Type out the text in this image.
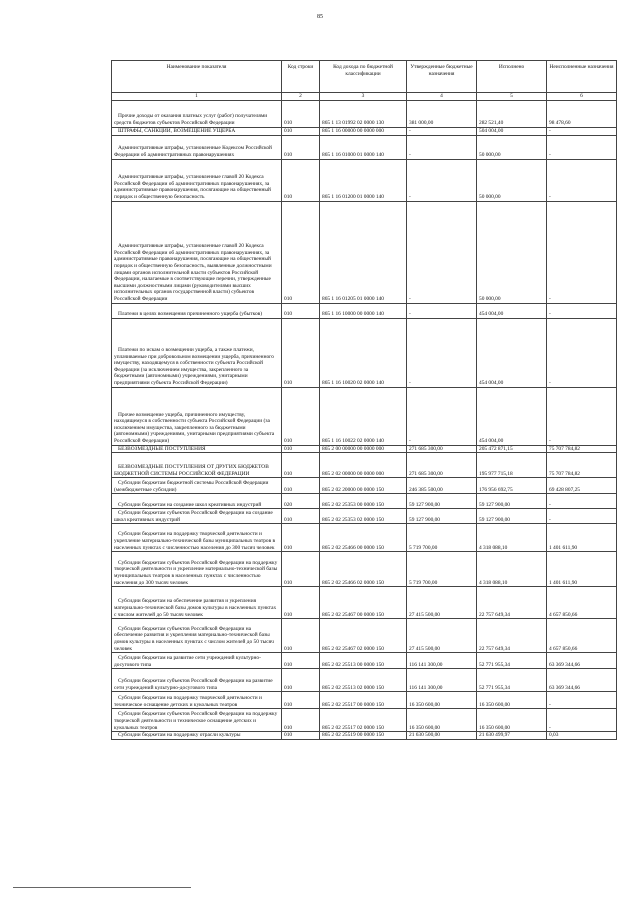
85
Наименование показателя	Код строки	Код дохода по бюджетной классификации	Утвержденные бюджетные назначения	Исполнено	Неисполненные назначения
1	2	3	4	5	6
Прочие доходы от оказания платных услуг (работ) получателями средств бюджетов субъектов Российской Федерации	010	865 1 13 01992 02 0000 130	381 000,00	282 521,40	98 478,60
ШТРАФЫ, САНКЦИИ, ВОЗМЕЩЕНИЕ УЩЕРБА	010	865 1 16 00000 00 0000 000	-	504 004,00	-
Административные штрафы, установленные Кодексом Российской Федерации об административных правонарушениях	010	865 1 16 01000 01 0000 140	-	50 000,00	-
Административные штрафы, установленные главой 20 Кодекса Российской Федерации об административных правонарушениях, за административные правонарушения, посягающие на общественный порядок и общественную безопасность	010	865 1 16 01200 01 0000 140	-	50 000,00	-
Административные штрафы, установленные главой 20 Кодекса Российской Федерации об административных правонарушениях, за административные правонарушения, посягающие на общественный порядок и общественную безопасность, выявленные должностными лицами органов исполнительной власти субъектов Российской Федерации, налагаемые в соответствующие перечни, утвержденные высшими должностными лицами (руководителями высших исполнительных органов государственной власти) субъектов Российской Федерации	010	865 1 16 01205 01 0000 140	-	50 000,00	-
Платежи в целях возмещения причиненного ущерба (убытков)	010	865 1 16 10000 00 0000 140	-	454 004,00	-
Платежи по искам о возмещении ущерба, а также платежи, уплачиваемые при добровольном возмещении ущерба, причиненного имуществу, находящемуся в собственности субъекта Российской Федерации (за исключением имущества, закрепленного за бюджетными (автономными) учреждениями, унитарными предприятиями субъекта Российской Федерации)	010	865 1 16 10020 02 0000 140	-	454 004,00	-
Прочее возмещение ущерба, причиненного имуществу, находящемуся в собственности субъекта Российской Федерации (за исключением имущества, закрепленного за бюджетными (автономными) учреждениями, унитарными предприятиями субъекта Российской Федерации)	010	865 1 16 10022 02 0000 140	-	454 004,00	-
БЕЗВОЗМЕЗДНЫЕ ПОСТУПЛЕНИЯ	010	865 2 00 00000 00 0000 000	271 685 300,00	205 472 871,15	75 707 784,82
БЕЗВОЗМЕЗДНЫЕ ПОСТУПЛЕНИЯ ОТ ДРУГИХ БЮДЖЕТОВ БЮДЖЕТНОЙ СИСТЕМЫ РОССИЙСКОЙ ФЕДЕРАЦИИ	010	865 2 02 00000 00 0000 000	271 685 300,00	195 977 715,18	75 707 784,82
Субсидии бюджетам бюджетной системы Российской Федерации (межбюджетные субсидии)	010	865 2 02 20000 00 0000 150	246 385 500,00	176 956 692,75	69 428 807,25
Субсидии бюджетам на создание школ креативных индустрий	020	865 2 02 25353 00 0000 150	59 127 900,00	59 127 900,00	-
Субсидии бюджетам субъектов Российской Федерации на создание школ креативных индустрий	010	865 2 02 25353 02 0000 150	59 127 900,00	59 127 900,00	-
Субсидии бюджетам на поддержку творческой деятельности и укрепление материально-технической базы муниципальных театров в населенных пунктах с численностью населения до 300 тысяч человек	010	865 2 02 25466 00 0000 150	5 719 700,00	4 318 088,10	1 401 611,90
Субсидии бюджетам субъектов Российской Федерации на поддержку творческой деятельности и укрепление материально-технической базы муниципальных театров в населенных пунктах с численностью населения до 300 тысяч человек	010	865 2 02 25466 02 0000 150	5 719 700,00	4 318 088,10	1 401 611,90
Субсидии бюджетам на обеспечение развития и укрепления материально-технической базы домов культуры в населенных пунктах с числом жителей до 50 тысяч человек	010	865 2 02 25467 00 0000 150	27 415 500,00	22 757 649,34	4 657 850,66
Субсидии бюджетам субъектов Российской Федерации на обеспечение развития и укрепления материально-технической базы домов культуры в населенных пунктах с числом жителей до 50 тысяч человек	010	865 2 02 25467 02 0000 150	27 415 500,00	22 757 649,34	4 657 850,66
Субсидии бюджетам на развитие сети учреждений культурно-досугового типа	010	865 2 02 25513 00 0000 150	116 141 300,00	52 771 955,34	63 369 344,66
Субсидии бюджетам субъектов Российской Федерации на развитие сети учреждений культурно-досугового типа	010	865 2 02 25513 02 0000 150	116 141 300,00	52 771 955,34	63 369 344,66
Субсидии бюджетам на поддержку творческой деятельности и техническое оснащение детских и кукольных театров	010	865 2 02 25517 00 0000 150	16 350 600,00	16 350 600,00	-
Субсидии бюджетам субъектов Российской Федерации на поддержку творческой деятельности и техническое оснащение детских и кукольных театров	010	865 2 02 25517 02 0000 150	16 350 600,00	16 350 600,00	-
Субсидии бюджетам на поддержку отрасли культуры	010	865 2 02 25519 00 0000 150	21 630 500,00	21 630 499,97	0,03
